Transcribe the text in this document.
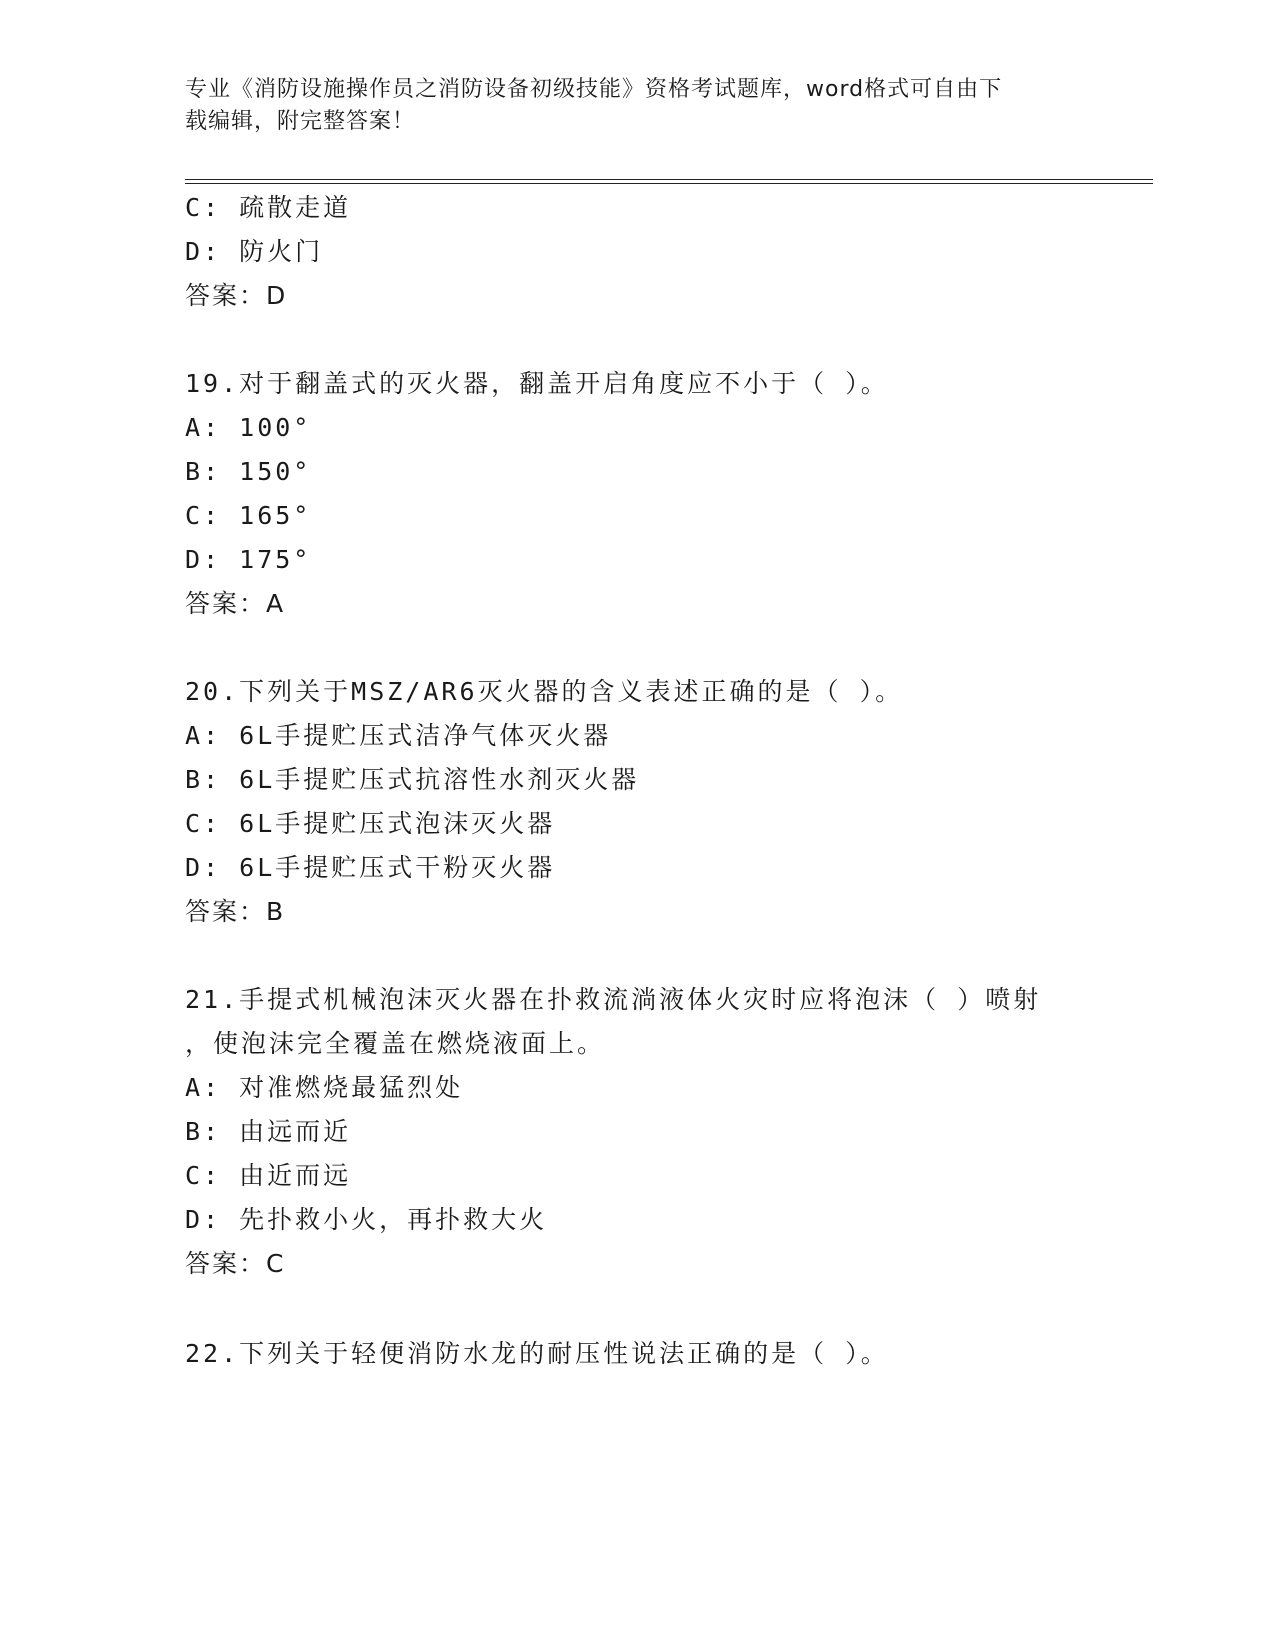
专业《消防设施操作员之消防设备初级技能》资格考试题库，word格式可自由下
载编辑，附完整答案！
C: 疏散走道
D: 防火门
答案：D
19.对于翻盖式的灭火器，翻盖开启角度应不小于（ ）。
A: 100°
B: 150°
C: 165°
D: 175°
答案：A
20.下列关于MSZ/AR6灭火器的含义表述正确的是（ ）。
A: 6L手提贮压式洁净气体灭火器
B: 6L手提贮压式抗溶性水剂灭火器
C: 6L手提贮压式泡沫灭火器
D: 6L手提贮压式干粉灭火器
答案：B
21.手提式机械泡沫灭火器在扑救流淌液体火灾时应将泡沫（ ）喷射
，使泡沫完全覆盖在燃烧液面上。
A: 对准燃烧最猛烈处
B: 由远而近
C: 由近而远
D: 先扑救小火，再扑救大火
答案：C
22.下列关于轻便消防水龙的耐压性说法正确的是（ ）。
